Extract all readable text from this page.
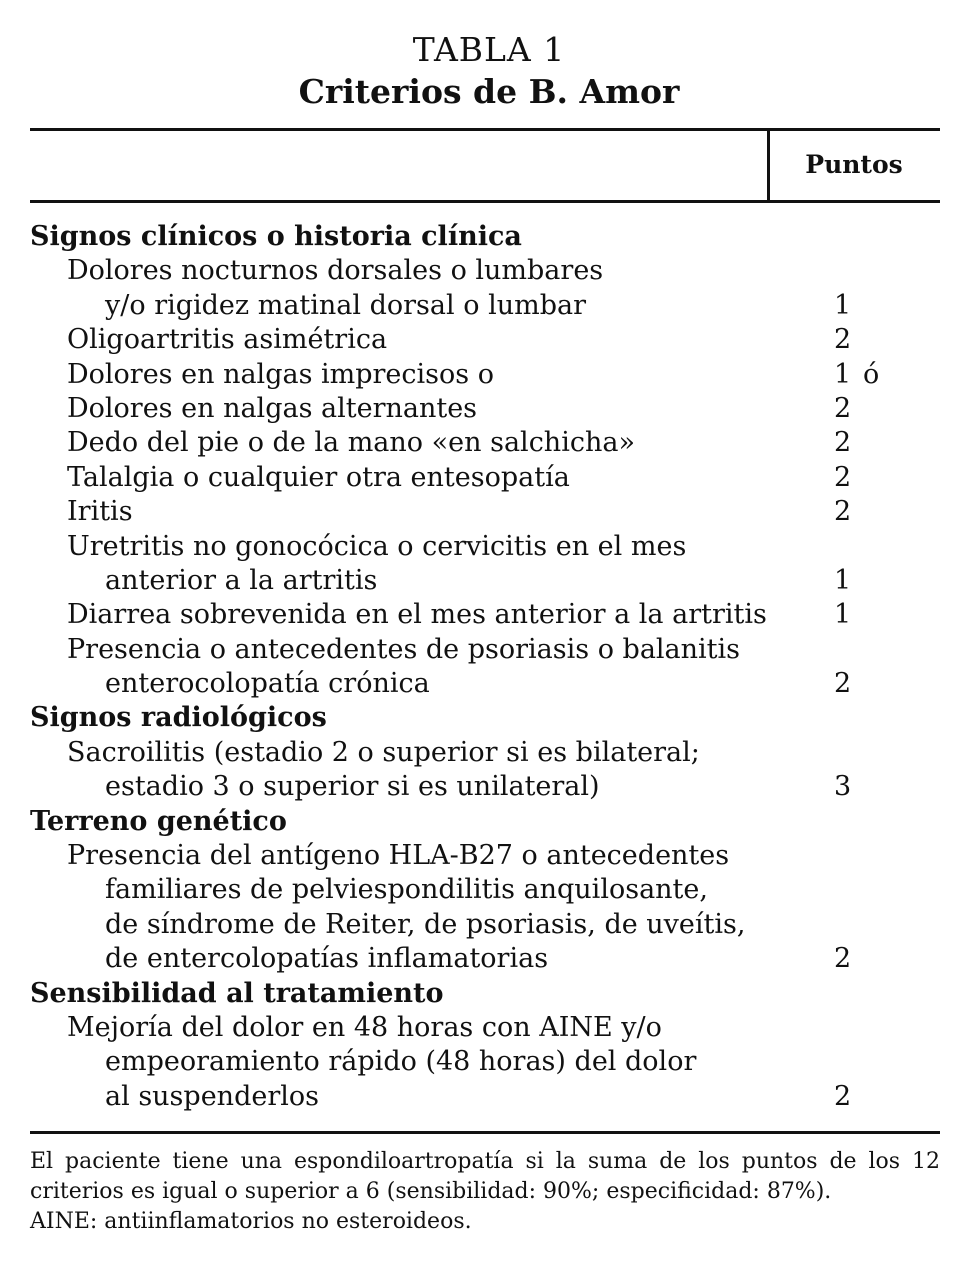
TABLA 1
Criterios de B. Amor
Puntos
Signos clínicos o historia clínica
Dolores nocturnos dorsales o lumbares
y/o rigidez matinal dorsal o lumbar	1
Oligoartritis asimétrica	2
Dolores en nalgas imprecisos o	1 ó
Dolores en nalgas alternantes	2
Dedo del pie o de la mano «en salchicha»	2
Talalgia o cualquier otra entesopatía	2
Iritis	2
Uretritis no gonocócica o cervicitis en el mes
anterior a la artritis	1
Diarrea sobrevenida en el mes anterior a la artritis 1
Presencia o antecedentes de psoriasis o balanitis
enterocolopatía crónica	2
Signos radiológicos
Sacroilitis (estadio 2 o superior si es bilateral;
estadio 3 o superior si es unilateral)	3
Terreno genético
Presencia del antígeno HLA-B27 o antecedentes
familiares de pelviespondilitis anquilosante,
de síndrome de Reiter, de psoriasis, de uveítis,
de entercolopatías inflamatorias	2
Sensibilidad al tratamiento
Mejoría del dolor en 48 horas con AINE y/o
empeoramiento rápido (48 horas) del dolor
al suspenderlos	2

El paciente tiene una espondiloartropatía si la suma de los puntos de los 12 criterios es igual o superior a 6 (sensibilidad: 90%; especificidad: 87%).

AINE: antiinflamatorios no esteroideos.
